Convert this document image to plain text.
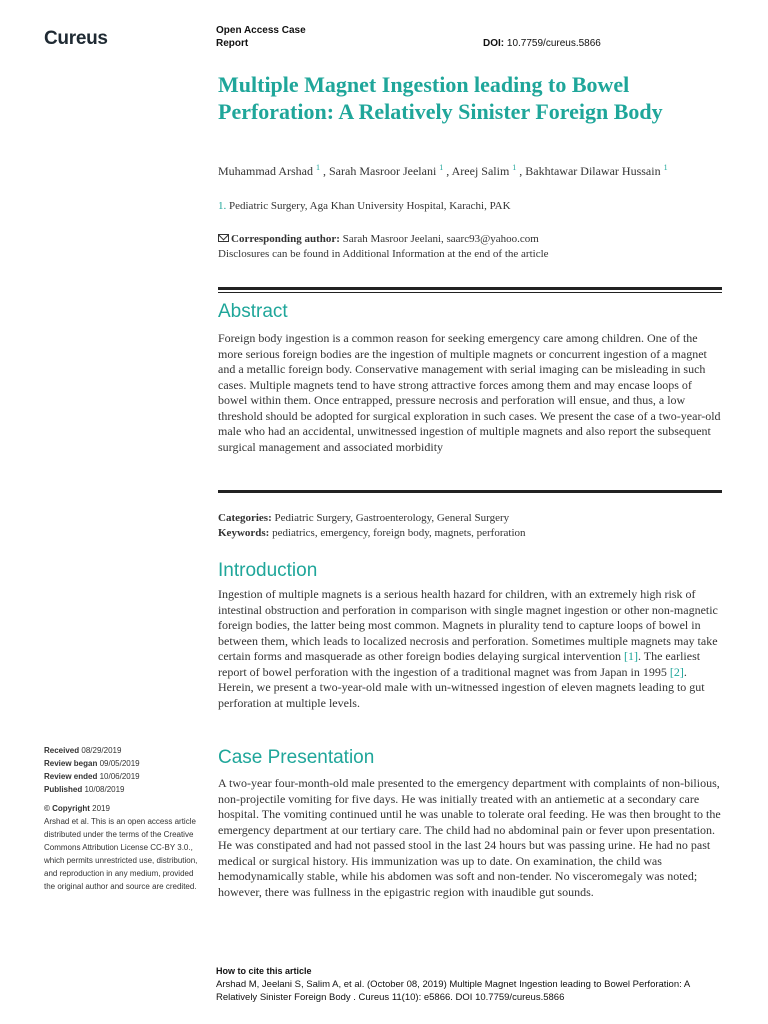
Cureus	Open Access Case Report	DOI: 10.7759/cureus.5866
Multiple Magnet Ingestion leading to Bowel Perforation: A Relatively Sinister Foreign Body
Muhammad Arshad $^1$ , Sarah Masroor Jeelani $^1$ , Areej Salim $^1$ , Bakhtawar Dilawar Hussain $^1$
1. Pediatric Surgery, Aga Khan University Hospital, Karachi, PAK
Corresponding author: Sarah Masroor Jeelani, saarc93@yahoo.com
Disclosures can be found in Additional Information at the end of the article
Abstract
Foreign body ingestion is a common reason for seeking emergency care among children. One of the more serious foreign bodies are the ingestion of multiple magnets or concurrent ingestion of a magnet and a metallic foreign body. Conservative management with serial imaging can be misleading in such cases. Multiple magnets tend to have strong attractive forces among them and may encase loops of bowel within them. Once entrapped, pressure necrosis and perforation will ensue, and thus, a low threshold should be adopted for surgical exploration in such cases. We present the case of a two-year-old male who had an accidental, unwitnessed ingestion of multiple magnets and also report the subsequent surgical management and associated morbidity
Categories: Pediatric Surgery, Gastroenterology, General Surgery
Keywords: pediatrics, emergency, foreign body, magnets, perforation
Introduction
Ingestion of multiple magnets is a serious health hazard for children, with an extremely high risk of intestinal obstruction and perforation in comparison with single magnet ingestion or other non-magnetic foreign bodies, the latter being most common. Magnets in plurality tend to capture loops of bowel in between them, which leads to localized necrosis and perforation. Sometimes multiple magnets may take certain forms and masquerade as other foreign bodies delaying surgical intervention [1]. The earliest report of bowel perforation with the ingestion of a traditional magnet was from Japan in 1995 [2]. Herein, we present a two-year-old male with un-witnessed ingestion of eleven magnets leading to gut perforation at multiple levels.
Case Presentation
A two-year four-month-old male presented to the emergency department with complaints of non-bilious, non-projectile vomiting for five days. He was initially treated with an antiemetic at a secondary care hospital. The vomiting continued until he was unable to tolerate oral feeding. He was then brought to the emergency department at our tertiary care. The child had no abdominal pain or fever upon presentation. He was constipated and had not passed stool in the last 24 hours but was passing urine. He had no past medical or surgical history. His immunization was up to date. On examination, the child was hemodynamically stable, while his abdomen was soft and non-tender. No visceromegaly was noted; however, there was fullness in the epigastric region with inaudible gut sounds.
Received 08/29/2019
Review began 09/05/2019
Review ended 10/06/2019
Published 10/08/2019
© Copyright 2019
Arshad et al. This is an open access article distributed under the terms of the Creative Commons Attribution License CC-BY 3.0., which permits unrestricted use, distribution, and reproduction in any medium, provided the original author and source are credited.
How to cite this article
Arshad M, Jeelani S, Salim A, et al. (October 08, 2019) Multiple Magnet Ingestion leading to Bowel Perforation: A Relatively Sinister Foreign Body . Cureus 11(10): e5866. DOI 10.7759/cureus.5866
